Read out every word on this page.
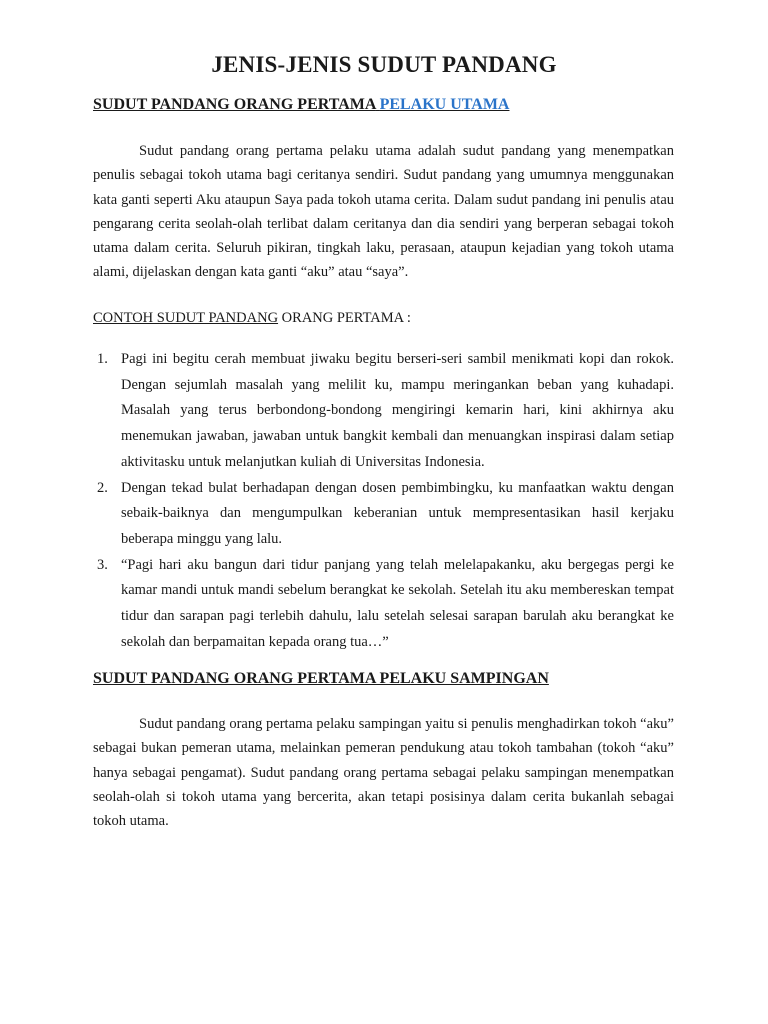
JENIS-JENIS SUDUT PANDANG

SUDUT PANDANG ORANG PERTAMA PELAKU UTAMA

Sudut pandang orang pertama pelaku utama adalah sudut pandang yang menempatkan penulis sebagai tokoh utama bagi ceritanya sendiri. Sudut pandang yang umumnya menggunakan kata ganti seperti Aku ataupun Saya pada tokoh utama cerita. Dalam sudut pandang ini penulis atau pengarang cerita seolah-olah terlibat dalam ceritanya dan dia sendiri yang berperan sebagai tokoh utama dalam cerita. Seluruh pikiran, tingkah laku, perasaan, ataupun kejadian yang tokoh utama alami, dijelaskan dengan kata ganti “aku” atau “saya”.

CONTOH SUDUT PANDANG ORANG PERTAMA :

1. Pagi ini begitu cerah membuat jiwaku begitu berseri-seri sambil menikmati kopi dan rokok. Dengan sejumlah masalah yang melilit ku, mampu meringankan beban yang kuhadapi. Masalah yang terus berbondong-bondong mengiringi kemarin hari, kini akhirnya aku menemukan jawaban, jawaban untuk bangkit kembali dan menuangkan inspirasi dalam setiap aktivitasku untuk melanjutkan kuliah di Universitas Indonesia.
2. Dengan tekad bulat berhadapan dengan dosen pembimbingku, ku manfaatkan waktu dengan sebaik-baiknya dan mengumpulkan keberanian untuk mempresentasikan hasil kerjaku beberapa minggu yang lalu.
3. “Pagi hari aku bangun dari tidur panjang yang telah melelapakanku, aku bergegas pergi ke kamar mandi untuk mandi sebelum berangkat ke sekolah. Setelah itu aku membereskan tempat tidur dan sarapan pagi terlebih dahulu, lalu setelah selesai sarapan barulah aku berangkat ke sekolah dan berpamaitan kepada orang tua…”

SUDUT PANDANG ORANG PERTAMA PELAKU SAMPINGAN

Sudut pandang orang pertama pelaku sampingan yaitu si penulis menghadirkan tokoh “aku” sebagai bukan pemeran utama, melainkan pemeran pendukung atau tokoh tambahan (tokoh “aku” hanya sebagai pengamat). Sudut pandang orang pertama sebagai pelaku sampingan menempatkan seolah-olah si tokoh utama yang bercerita, akan tetapi posisinya dalam cerita bukanlah sebagai tokoh utama.
